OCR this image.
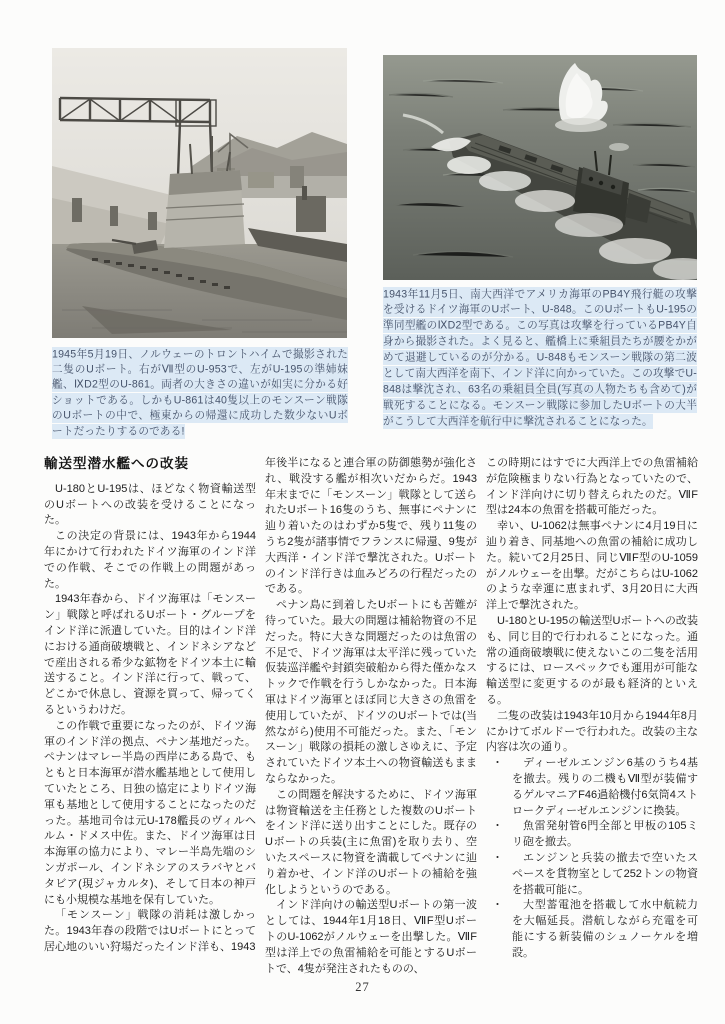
1945年5月19日、ノルウェーのトロントハイムで撮影された二隻のUボート。右がⅦ型のU-953で、左がU-195の準姉妹艦、ⅨD2型のU-861。両者の大きさの違いが如実に分かる好ショットである。しかもU-861は40隻以上のモンスーン戦隊のUボートの中で、極東からの帰還に成功した数少ないUボートだったりするのである!
1943年11月5日、南大西洋でアメリカ海軍のPB4Y飛行艇の攻撃を受けるドイツ海軍のUボート、U-848。このUボートもU-195の準同型艦のⅨD2型である。この写真は攻撃を行っているPB4Y自身から撮影された。よく見ると、艦橋上に乗組員たちが腰をかがめて退避しているのが分かる。U-848もモンスーン戦隊の第二波として南大西洋を南下、インド洋に向かっていた。この攻撃でU-848は撃沈され、63名の乗組員全員(写真の人物たちも含めて)が戦死することになる。モンスーン戦隊に参加したUボートの大半がこうして大西洋を航行中に撃沈されることになった。
輸送型潜水艦への改装

U-180とU-195は、ほどなく物資輸送型のUボートへの改装を受けることになった。

この決定の背景には、1943年から1944年にかけて行われたドイツ海軍のインド洋での作戦、そこでの作戦上の問題があった。

1943年春から、ドイツ海軍は「モンスーン」戦隊と呼ばれるUボート・グループをインド洋に派遣していた。目的はインド洋における通商破壊戦と、インドネシアなどで産出される希少な鉱物をドイツ本土に輸送すること。インド洋に行って、戦って、どこかで休息し、資源を買って、帰ってくるというわけだ。

この作戦で重要になったのが、ドイツ海軍のインド洋の拠点、ペナン基地だった。ペナンはマレー半島の西岸にある島で、もともと日本海軍が潜水艦基地として使用していたところ、日独の協定によりドイツ海軍も基地として使用することになったのだった。基地司令は元U-178艦長のヴィルヘルム・ドメス中佐。また、ドイツ海軍は日本海軍の協力により、マレー半島先端のシンガポール、インドネシアのスラバヤとバタビア(現ジャカルタ)、そして日本の神戸にも小規模な基地を保有していた。

「モンスーン」戦隊の消耗は激しかった。1943年春の段階ではUボートにとって居心地のいい狩場だったインド洋も、1943

年後半になると連合軍の防御態勢が強化され、戦没する艦が相次いだからだ。1943年末までに「モンスーン」戦隊として送られたUボート16隻のうち、無事にペナンに辿り着いたのはわずか5隻で、残り11隻のうち2隻が諸事情でフランスに帰還、9隻が大西洋・インド洋で撃沈された。Uボートのインド洋行きは血みどろの行程だったのである。

ペナン島に到着したUボートにも苦難が待っていた。最大の問題は補給物資の不足だった。特に大きな問題だったのは魚雷の不足で、ドイツ海軍は太平洋に残っていた仮装巡洋艦や封鎖突破船から得た僅かなストックで作戦を行うしかなかった。日本海軍はドイツ海軍とほぼ同じ大きさの魚雷を使用していたが、ドイツのUボートでは(当然ながら)使用不可能だった。また、「モンスーン」戦隊の損耗の激しさゆえに、予定されていたドイツ本土への物資輸送もままならなかった。

この問題を解決するために、ドイツ海軍は物資輸送を主任務とした複数のUボートをインド洋に送り出すことにした。既存のUボートの兵装(主に魚雷)を取り去り、空いたスペースに物資を満載してペナンに辿り着かせ、インド洋のUボートの補給を強化しようというのである。

インド洋向けの輸送型Uボートの第一波としては、1944年1月18日、ⅦF型UボートのU-1062がノルウェーを出撃した。ⅦF型は洋上での魚雷補給を可能とするUボートで、4隻が発注されたものの、

この時期にはすでに大西洋上での魚雷補給が危険極まりない行為となっていたので、インド洋向けに切り替えられたのだ。ⅦF型は24本の魚雷を搭載可能だった。

幸い、U-1062は無事ペナンに4月19日に辿り着き、同基地への魚雷の補給に成功した。続いて2月25日、同じⅦF型のU-1059がノルウェーを出撃。だがこちらはU-1062のような幸運に恵まれず、3月20日に大西洋上で撃沈された。

U-180とU-195の輸送型Uボートへの改装も、同じ目的で行われることになった。通常の通商破壊戦に使えないこの二隻を活用するには、ロースペックでも運用が可能な輸送型に変更するのが最も経済的といえる。

二隻の改装は1943年10月から1944年8月にかけてボルドーで行われた。改装の主な内容は次の通り。

・	ディーゼルエンジン6基のうち4基を撤去。残りの二機もⅦ型が装備するゲルマニアF46過給機付6気筒4ストロークディーゼルエンジンに換装。
・	魚雷発射管6門全部と甲板の105ミリ砲を撤去。
・	エンジンと兵装の撤去で空いたスペースを貨物室として252トンの物資を搭載可能に。
・	大型蓄電池を搭載して水中航続力を大幅延長。潜航しながら充電を可能にする新装備のシュノーケルを増設。
27
